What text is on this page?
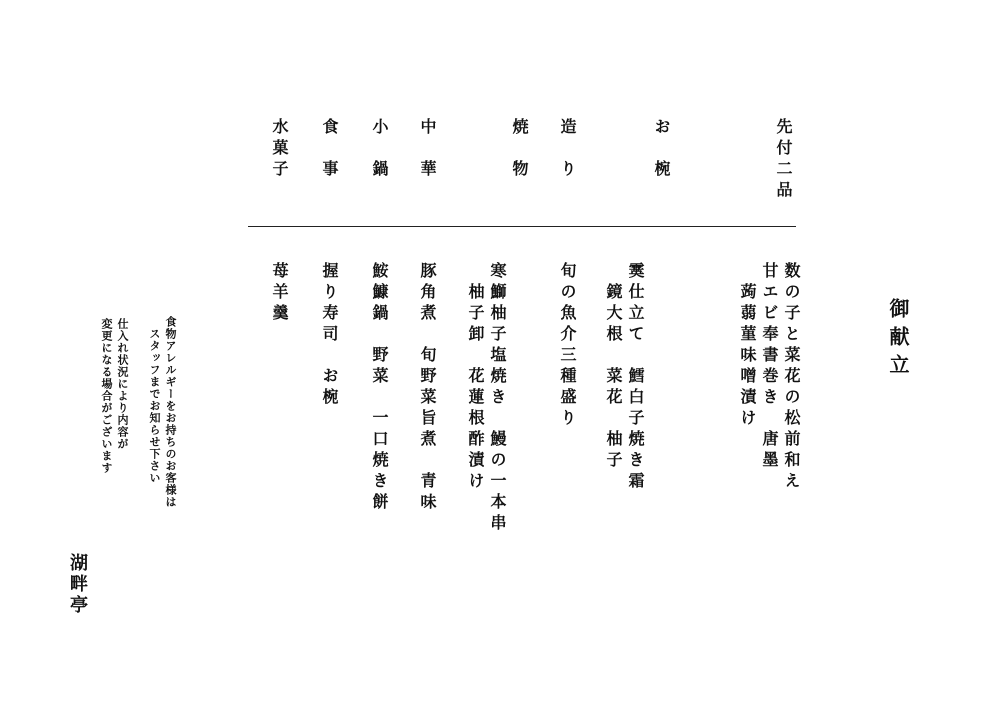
御献立
先付二品
お　椀
造　り
焼　物
中　華
小　鍋
食　事
水菓子
数の子と菜花の松前和え
甘エビ奉書巻き　唐墨
　蒟蒻菫味噌漬け
霙仕立て　鱈白子焼き霜
　鏡大根　菜花　柚子
旬の魚介三種盛り
寒鰤柚子塩焼き　鰻の一本串
　柚子卸　花蓮根酢漬け
豚角煮　旬野菜旨煮　青味
鮟鱇鍋　野菜　一口焼き餅
握り寿司　お椀
苺羊羹
食物アレルギーをお持ちのお客様は
　スタッフまでお知らせ下さい
仕入れ状況により内容が
変更になる場合がございます
湖畔亭
